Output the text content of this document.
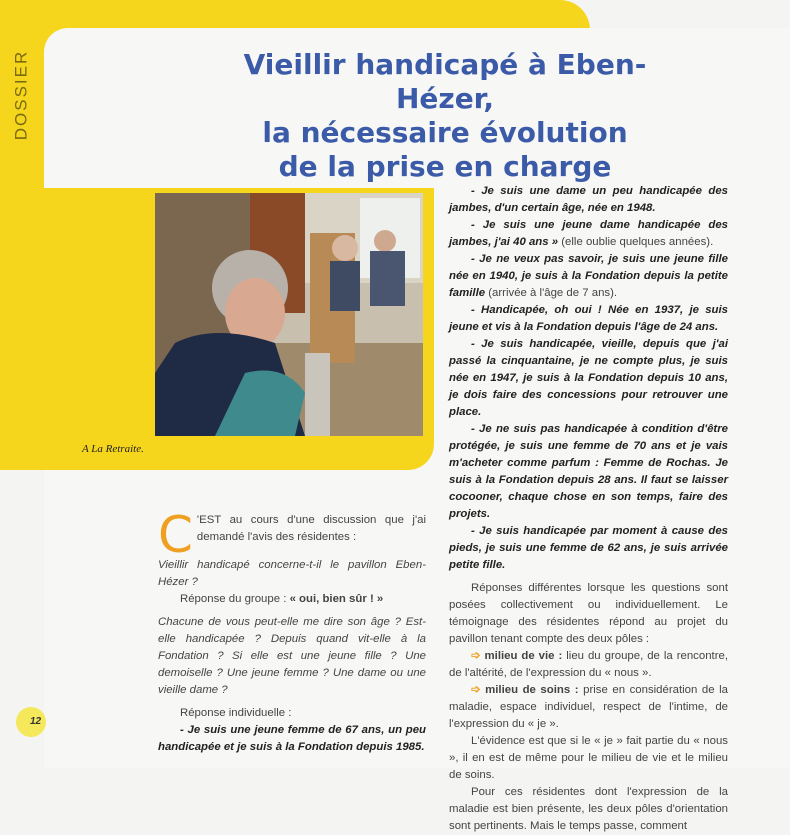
DOSSIER	Vieillir handicapé à Eben-Hézer,
la nécessaire évolution
de la prise en charge
A La Retraite.

C 'EST au cours d'une discussion que j'ai demandé l'avis des résidentes :

Vieillir handicapé concerne-t-il le pavillon Eben-Hézer ?

Réponse du groupe : « oui, bien sûr ! »

Chacune de vous peut-elle me dire son âge ? Est-elle handicapée ? Depuis quand vit-elle à la Fondation ? Si elle est une jeune fille ? Une demoiselle ? Une jeune femme ? Une dame ou une vieille dame ?

Réponse individuelle :

- Je suis une jeune femme de 67 ans, un peu handicapée et je suis à la Fondation depuis 1985.

- Je suis une dame un peu handicapée des jambes, d'un certain âge, née en 1948.

- Je suis une jeune dame handicapée des jambes, j'ai 40 ans » (elle oublie quelques années).

- Je ne veux pas savoir, je suis une jeune fille née en 1940, je suis à la Fondation depuis la petite famille (arrivée à l'âge de 7 ans).

- Handicapée, oh oui ! Née en 1937, je suis jeune et vis à la Fondation depuis l'âge de 24 ans.

- Je suis handicapée, vieille, depuis que j'ai passé la cinquantaine, je ne compte plus, je suis née en 1947, je suis à la Fondation depuis 10 ans, je dois faire des concessions pour retrouver une place.

- Je ne suis pas handicapée à condition d'être protégée, je suis une femme de 70 ans et je vais m'acheter comme parfum : Femme de Rochas. Je suis à la Fondation depuis 28 ans. Il faut se laisser cocooner, chaque chose en son temps, faire des projets.

- Je suis handicapée par moment à cause des pieds, je suis une femme de 62 ans, je suis arrivée petite fille.

Réponses différentes lorsque les questions sont posées collectivement ou individuellement. Le témoignage des résidentes répond au projet du pavillon tenant compte des deux pôles :

➩ milieu de vie : lieu du groupe, de la rencontre, de l'altérité, de l'expression du « nous ».

➩ milieu de soins : prise en considération de la maladie, espace individuel, respect de l'intime, de l'expression du « je ».

L'évidence est que si le « je » fait partie du « nous », il en est de même pour le milieu de vie et le milieu de soins.

Pour ces résidentes dont l'expression de la maladie est bien présente, les deux pôles d'orientation sont pertinents. Mais le temps passe, comment

12
